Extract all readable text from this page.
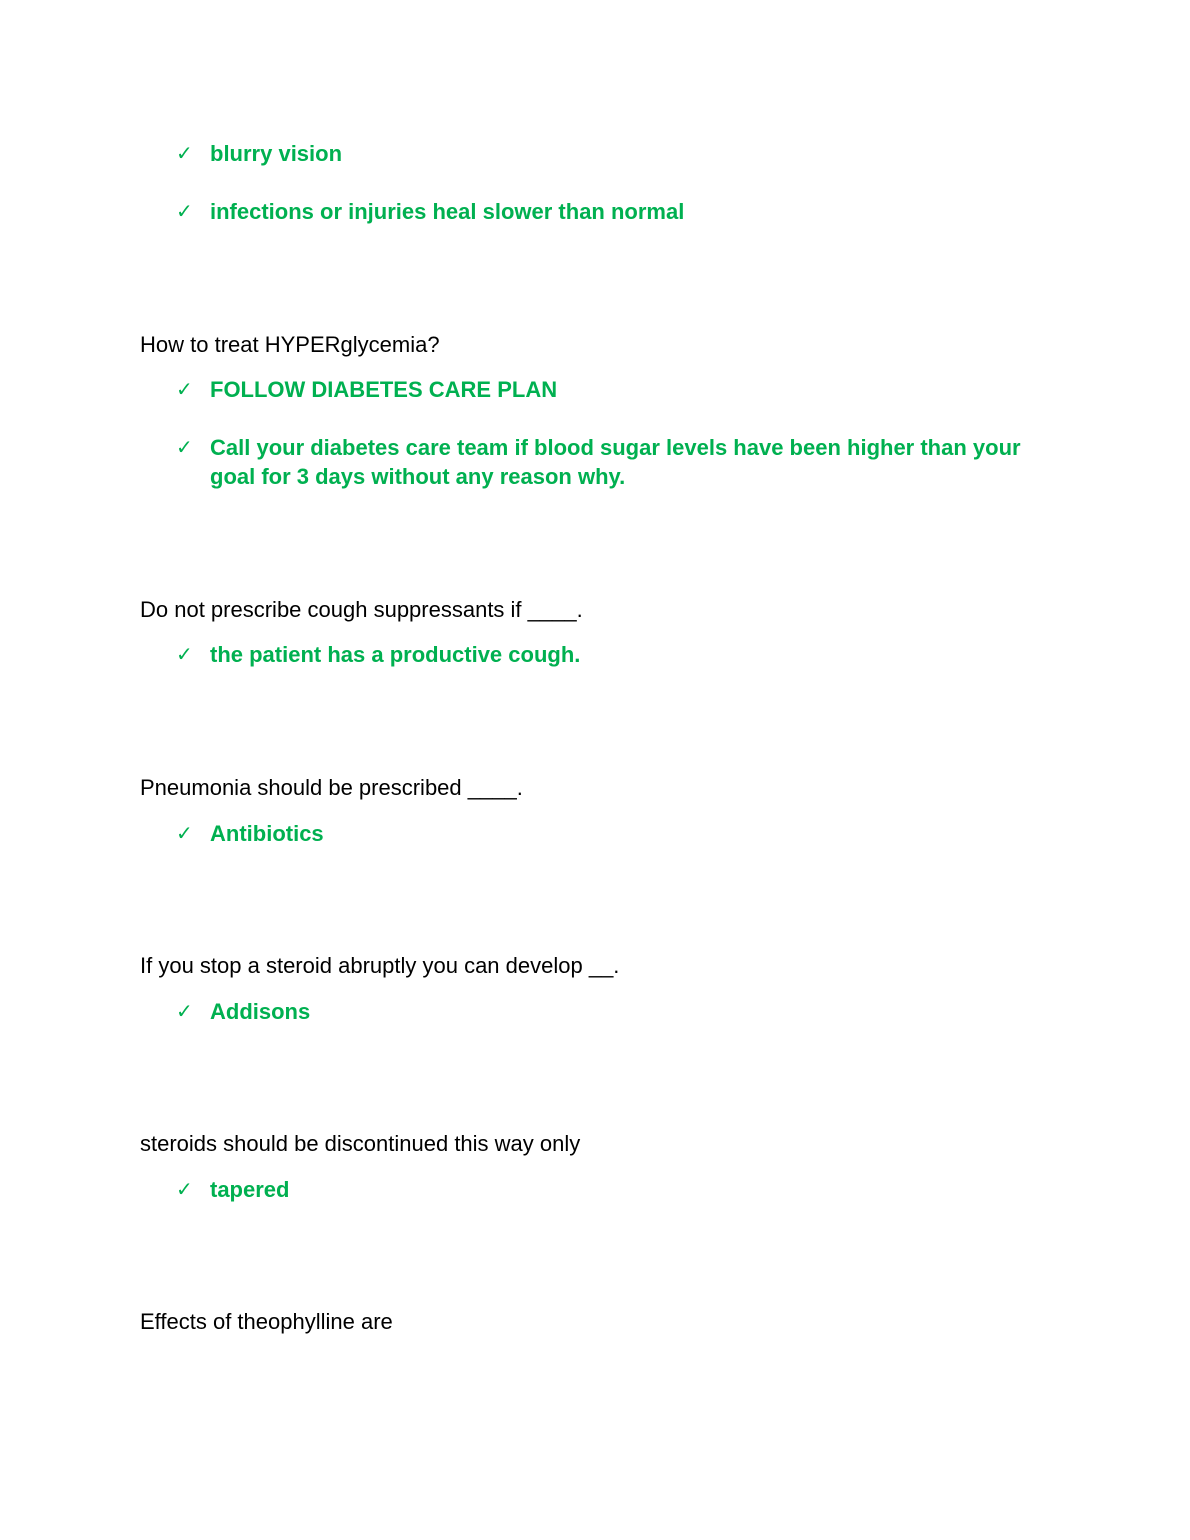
✓ blurry vision
✓ infections or injuries heal slower than normal
How to treat HYPERglycemia?
✓ FOLLOW DIABETES CARE PLAN
✓ Call your diabetes care team if blood sugar levels have been higher than your goal for 3 days without any reason why.
Do not prescribe cough suppressants if ____.
✓ the patient has a productive cough.
Pneumonia should be prescribed ____.
✓ Antibiotics
If you stop a steroid abruptly you can develop __.
✓ Addisons
steroids should be discontinued this way only
✓ tapered
Effects of theophylline are
